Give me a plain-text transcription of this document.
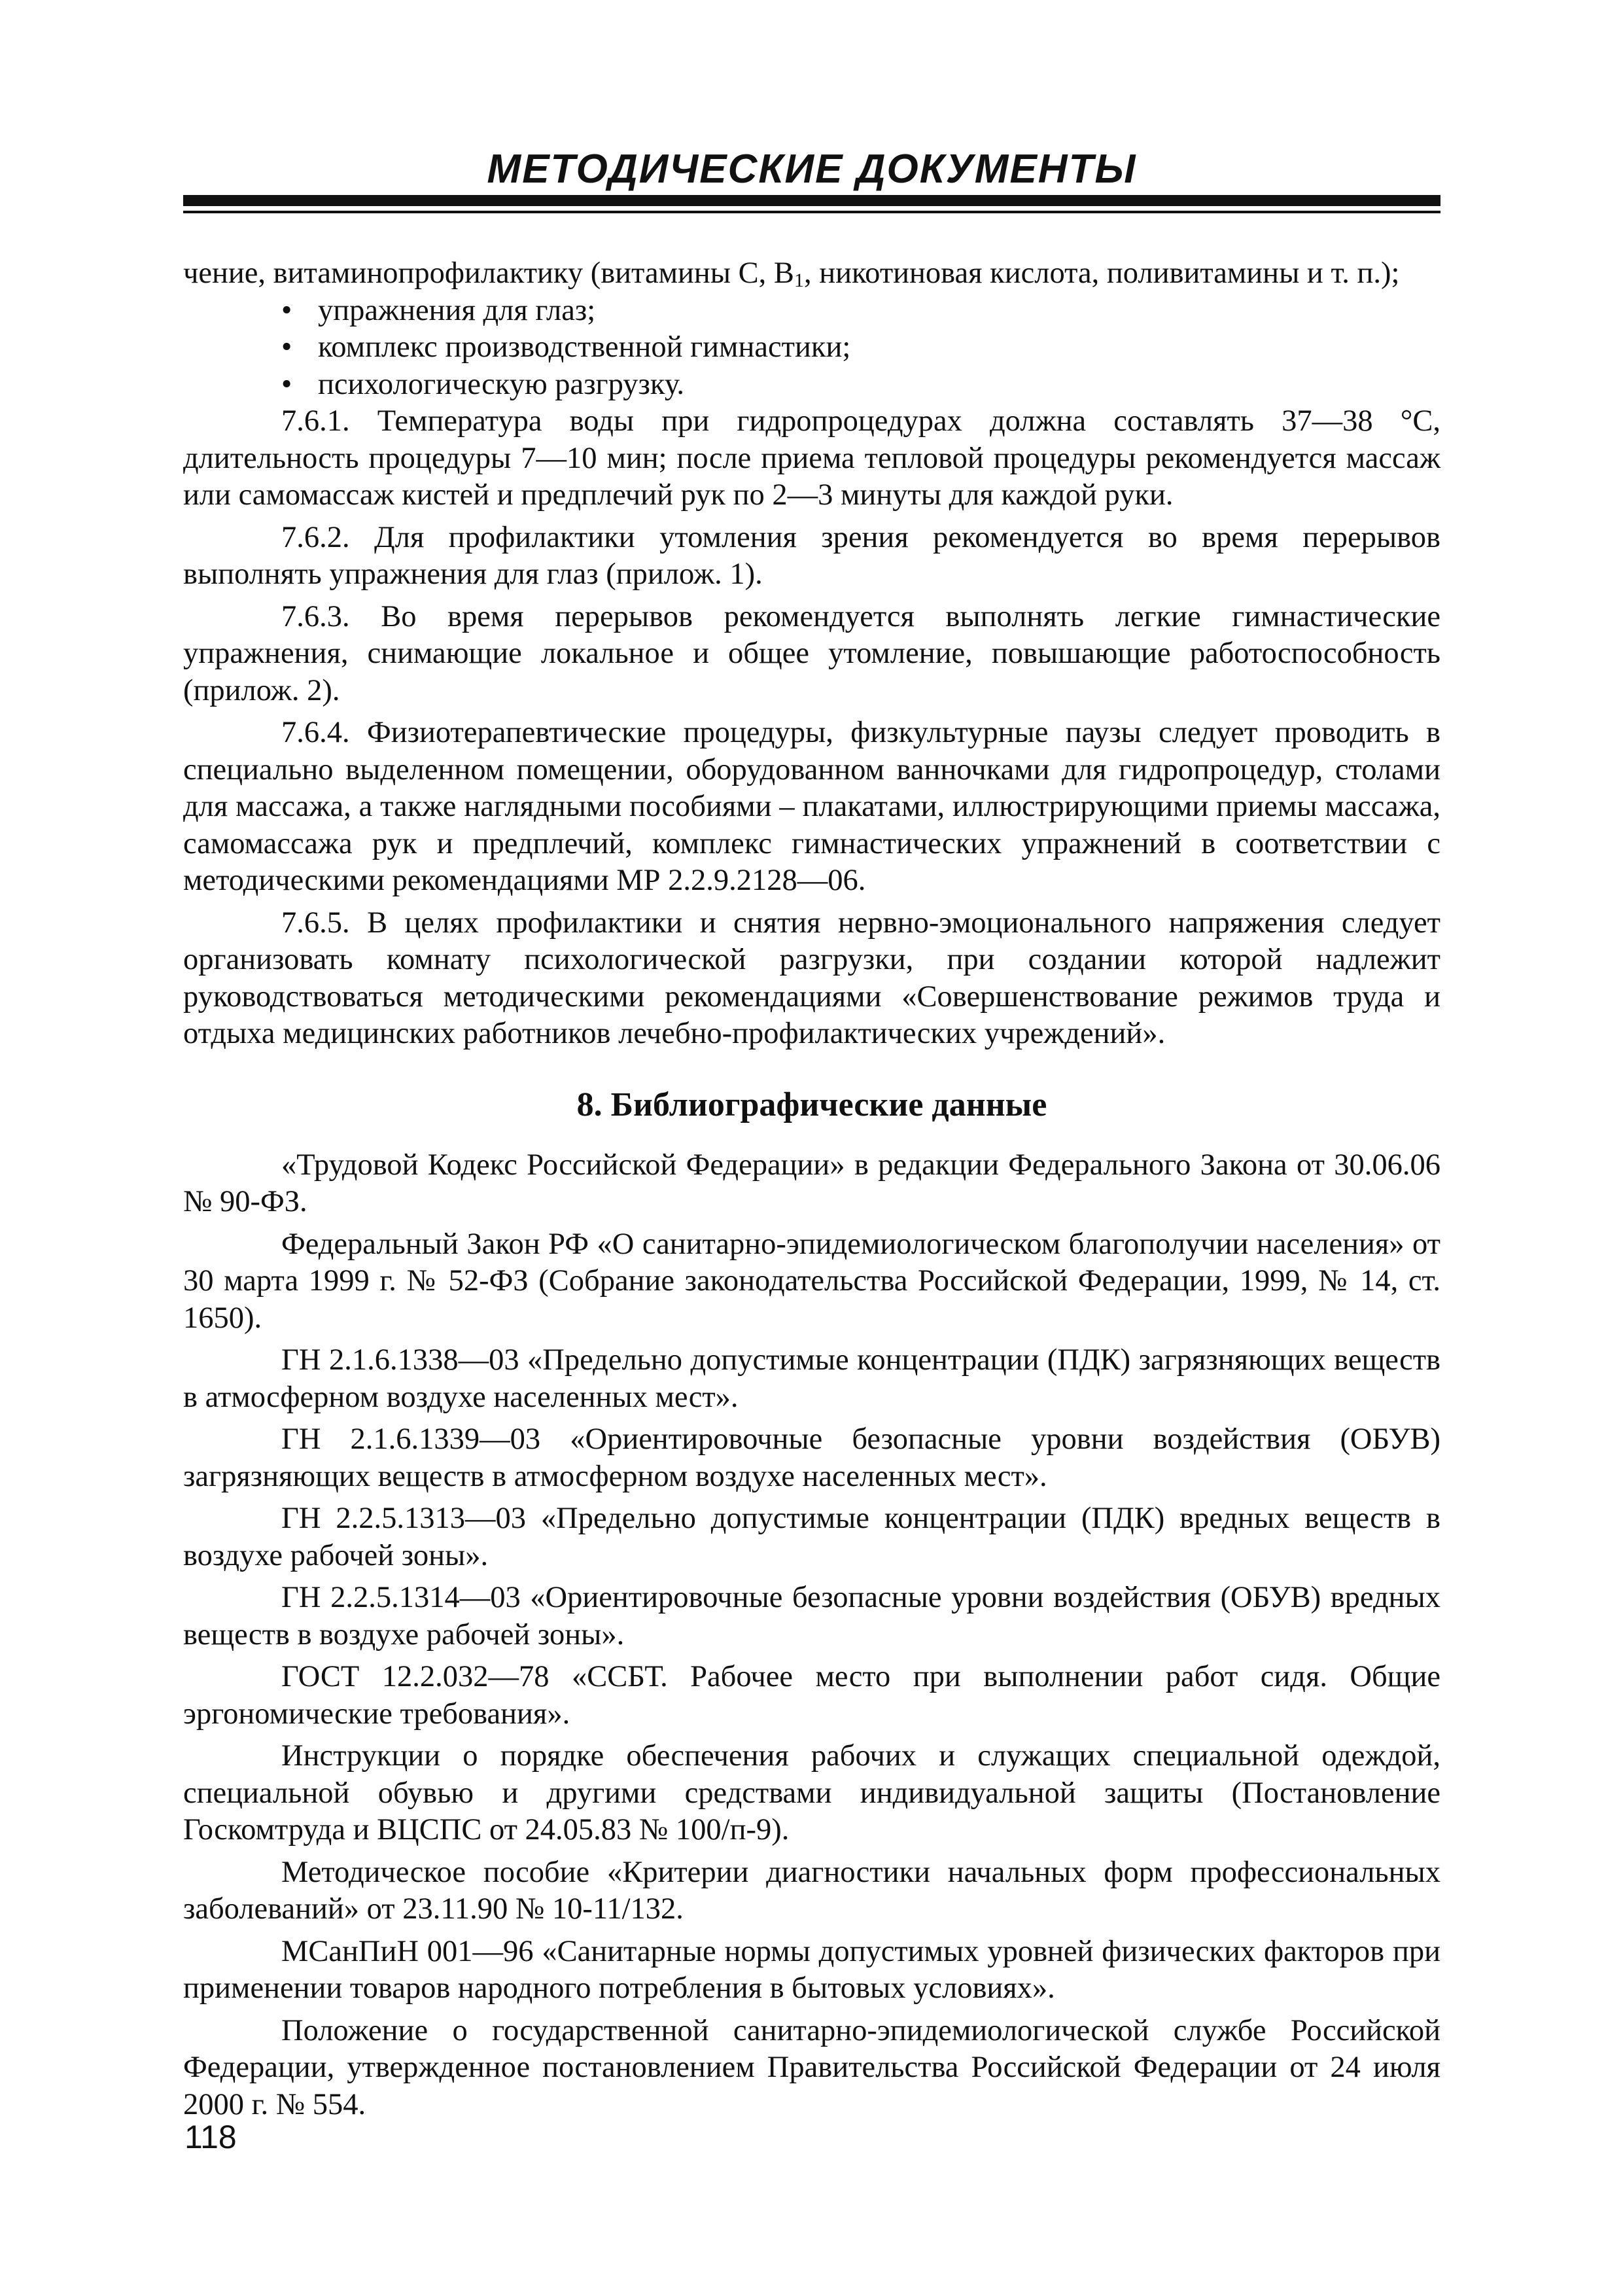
МЕТОДИЧЕСКИЕ ДОКУМЕНТЫ

чение, витаминопрофилактику (витамины С, $В_1$, никотиновая кислота, поливитамины и т. п.);

• упражнения для глаз;
• комплекс производственной гимнастики;
• психологическую разгрузку.

7.6.1. Температура воды при гидропроцедурах должна составлять 37—38 °С, длительность процедуры 7—10 мин; после приема тепловой процедуры рекомендуется массаж или самомассаж кистей и предплечий рук по 2—3 минуты для каждой руки.

7.6.2. Для профилактики утомления зрения рекомендуется во время перерывов выполнять упражнения для глаз (прилож. 1).

7.6.3. Во время перерывов рекомендуется выполнять легкие гимнастические упражнения, снимающие локальное и общее утомление, повышающие работоспособность (прилож. 2).

7.6.4. Физиотерапевтические процедуры, физкультурные паузы следует проводить в специально выделенном помещении, оборудованном ванночками для гидропроцедур, столами для массажа, а также наглядными пособиями – плакатами, иллюстрирующими приемы массажа, самомассажа рук и предплечий, комплекс гимнастических упражнений в соответствии с методическими рекомендациями МР 2.2.9.2128—06.

7.6.5. В целях профилактики и снятия нервно-эмоционального напряжения следует организовать комнату психологической разгрузки, при создании которой надлежит руководствоваться методическими рекомендациями «Совершенствование режимов труда и отдыха медицинских работников лечебно-профилактических учреждений».

8. Библиографические данные

«Трудовой Кодекс Российской Федерации» в редакции Федерального Закона от 30.06.06 № 90-ФЗ.

Федеральный Закон РФ «О санитарно-эпидемиологическом благополучии населения» от 30 марта 1999 г. № 52-ФЗ (Собрание законодательства Российской Федерации, 1999, № 14, ст. 1650).

ГН 2.1.6.1338—03 «Предельно допустимые концентрации (ПДК) загрязняющих веществ в атмосферном воздухе населенных мест».

ГН 2.1.6.1339—03 «Ориентировочные безопасные уровни воздействия (ОБУВ) загрязняющих веществ в атмосферном воздухе населенных мест».

ГН 2.2.5.1313—03 «Предельно допустимые концентрации (ПДК) вредных веществ в воздухе рабочей зоны».

ГН 2.2.5.1314—03 «Ориентировочные безопасные уровни воздействия (ОБУВ) вредных веществ в воздухе рабочей зоны».

ГОСТ 12.2.032—78 «ССБТ. Рабочее место при выполнении работ сидя. Общие эргономические требования».

Инструкции о порядке обеспечения рабочих и служащих специальной одеждой, специальной обувью и другими средствами индивидуальной защиты (Постановление Госкомтруда и ВЦСПС от 24.05.83 № 100/п-9).

Методическое пособие «Критерии диагностики начальных форм профессиональных заболеваний» от 23.11.90 № 10-11/132.

МСанПиН 001—96 «Санитарные нормы допустимых уровней физических факторов при применении товаров народного потребления в бытовых условиях».

Положение о государственной санитарно-эпидемиологической службе Российской Федерации, утвержденное постановлением Правительства Российской Федерации от 24 июля 2000 г. № 554.

118
